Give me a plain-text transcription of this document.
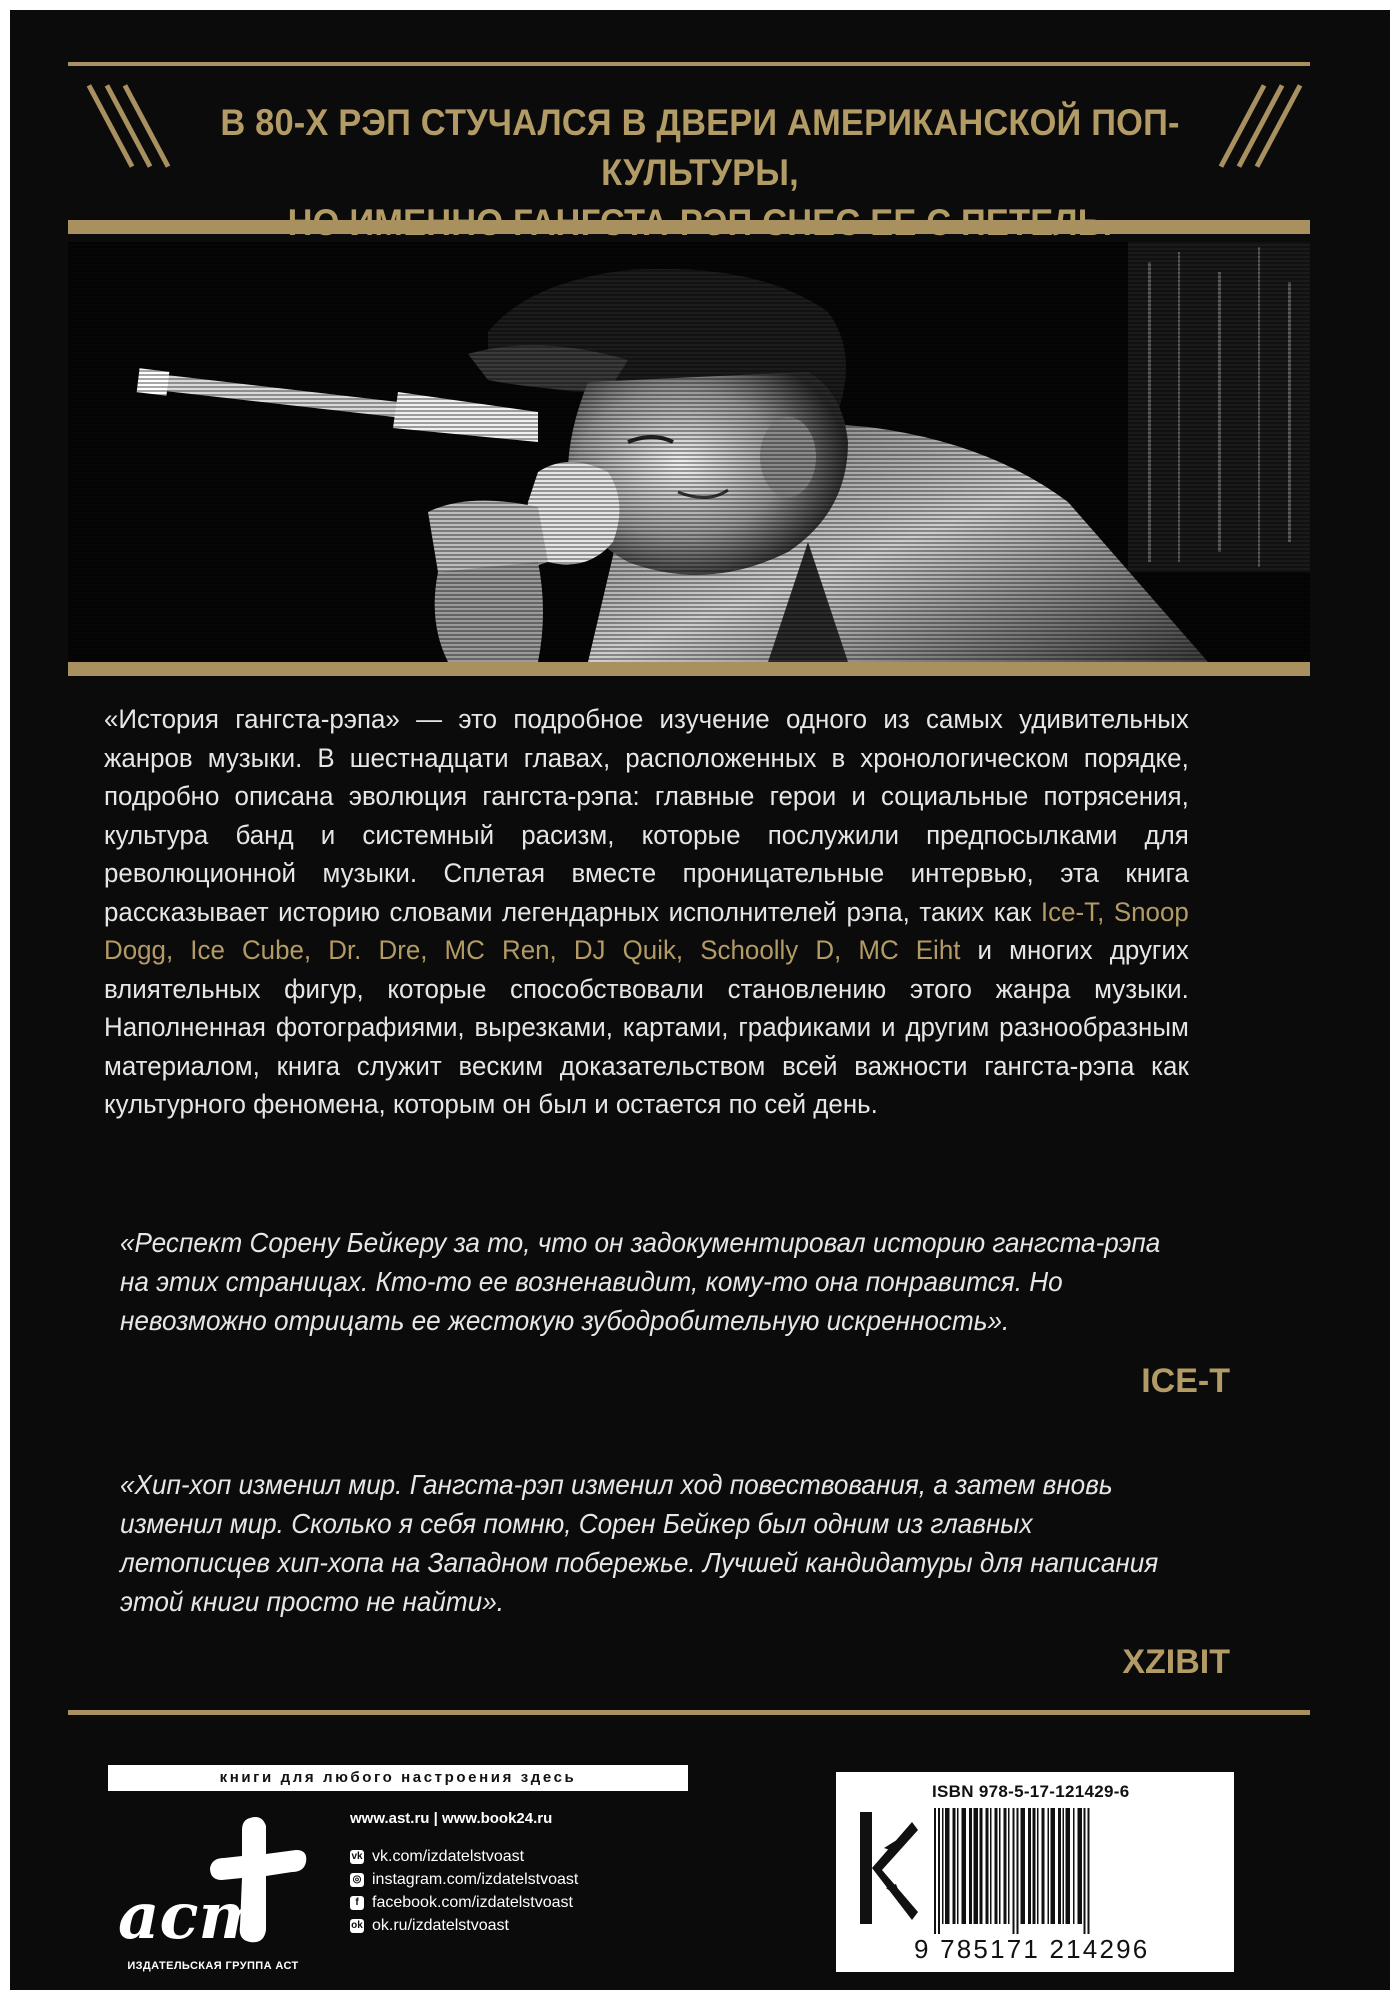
В 80-Х РЭП СТУЧАЛСЯ В ДВЕРИ АМЕРИКАНСКОЙ ПОП-КУЛЬТУРЫ,
«История гангста-рэпа» — это подробное изучение одного из самых удивительных жанров музыки. В шестнадцати главах, расположенных в хронологическом порядке, подробно описана эволюция гангста-рэпа: главные герои и социальные потрясения, культура банд и системный расизм, которые послужили предпосылками для революционной музыки. Сплетая вместе проницательные интервью, эта книга рассказывает историю словами легендарных исполнителей рэпа, таких как Ice-T, Snoop Dogg, Ice Cube, Dr. Dre, MC Ren, DJ Quik, Schoolly D, MC Eiht и многих других влиятельных фигур, которые способствовали становлению этого жанра музыки. Наполненная фотографиями, вырезками, картами, графиками и другим разнообразным материалом, книга служит веским доказательством всей важности гангста-рэпа как культурного феномена, которым он был и остается по сей день.
«Респект Сорену Бейкеру за то, что он задокументировал историю гангста-рэпа на этих страницах. Кто-то ее возненавидит, кому-то она понравится. Но невозможно отрицать ее жестокую зубодробительную искренность».
ICE-T
«Хип-хоп изменил мир. Гангста-рэп изменил ход повествования, а затем вновь изменил мир. Сколько я себя помню, Сорен Бейкер был одним из главных летописцев хип-хопа на Западном побережье. Лучшей кандидатуры для написания этой книги просто не найти».
XZIBIT
книги для любого настроения здесь
аст
ИЗДАТЕЛЬСКАЯ ГРУППА АСТ
www.ast.ru | www.book24.ru
vk vk.com/izdatelstvoast
◎ instagram.com/izdatelstvoast
f facebook.com/izdatelstvoast
ok ok.ru/izdatelstvoast
ISBN 978-5-17-121429-6
9 785171 214296
